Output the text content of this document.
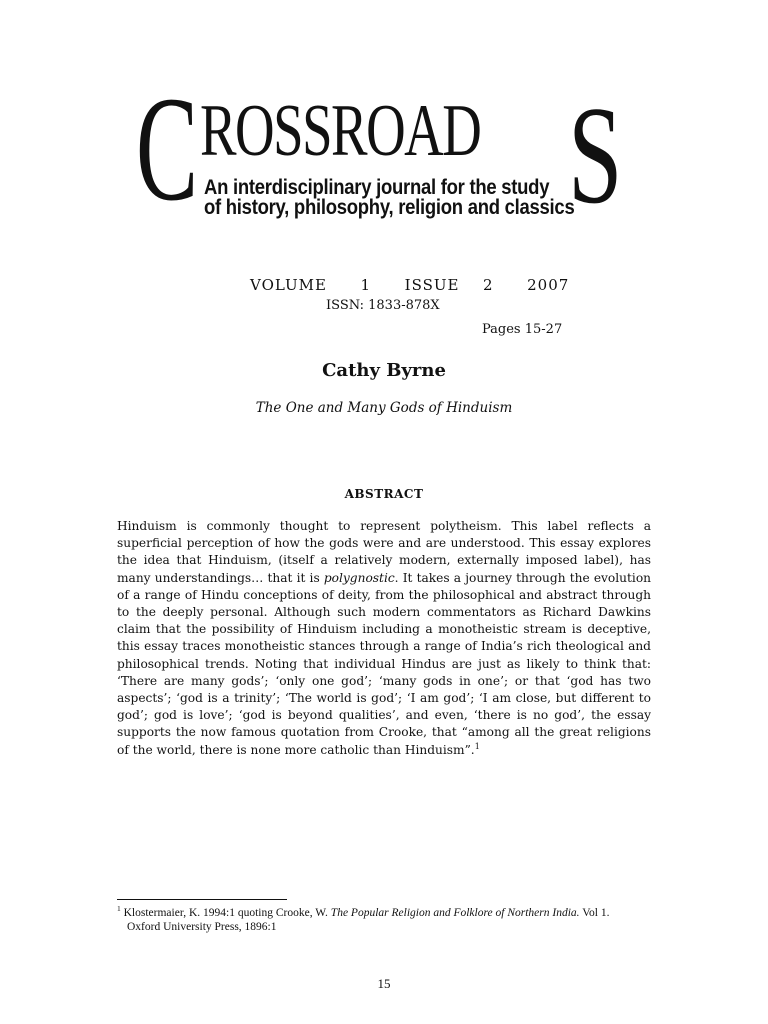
C ROSSROAD S
An interdisciplinary journal for the study
of history, philosophy, religion and classics
VOLUME 1 ISSUE 2 2007
ISSN: 1833-878X
Pages 15-27
Cathy Byrne
The One and Many Gods of Hinduism
ABSTRACT

Hinduism is commonly thought to represent polytheism. This label reflects a superficial perception of how the gods were and are understood. This essay explores the idea that Hinduism, (itself a relatively modern, externally imposed label), has many understandings… that it is polygnostic. It takes a journey through the evolution of a range of Hindu conceptions of deity, from the philosophical and abstract through to the deeply personal. Although such modern commentators as Richard Dawkins claim that the possibility of Hinduism including a monotheistic stream is deceptive, this essay traces monotheistic stances through a range of India’s rich theological and philosophical trends. Noting that individual Hindus are just as likely to think that: ‘There are many gods’; ‘only one god’; ‘many gods in one’; or that ‘god has two aspects’; ‘god is a trinity’; ‘The world is god’; ‘I am god’; ‘I am close, but different to god’; god is love’; ‘god is beyond qualities’, and even, ‘there is no god’, the essay supports the now famous quotation from Crooke, that “among all the great religions of the world, there is none more catholic than Hinduism”.$^1$

$^1$ Klostermaier, K. 1994:1 quoting Crooke, W. The Popular Religion and Folklore of Northern India. Vol 1.
Oxford University Press, 1896:1
15
